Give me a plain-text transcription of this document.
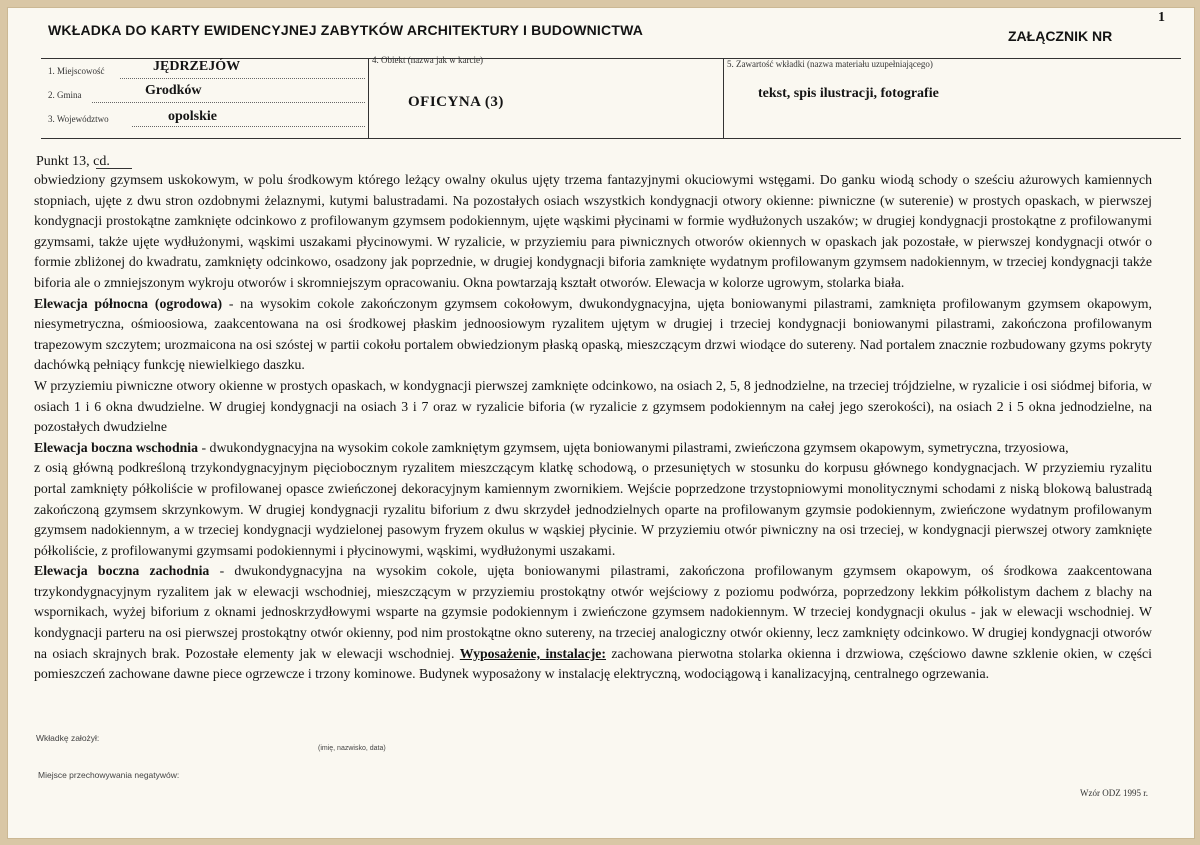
1
WKŁADKA DO KARTY EWIDENCYJNEJ ZABYTKÓW ARCHITEKTURY I BUDOWNICTWA	ZAŁĄCZNIK NR
1. Miejscowość	JĘDRZEJÓW
2. Gmina	Grodków
3. Województwo	opolskie
4. Obiekt (nazwa jak w karcie)
OFICYNA (3)
5. Zawartość wkładki (nazwa materiału uzupełniającego)
tekst, spis ilustracji, fotografie
Punkt 13, cd.

obwiedziony gzymsem uskokowym, w polu środkowym którego leżący owalny okulus ujęty trzema fantazyjnymi okuciowymi wstęgami. Do ganku wiodą schody o sześciu ażurowych kamiennych stopniach, ujęte z dwu stron ozdobnymi żelaznymi, kutymi balustradami. Na pozostałych osiach wszystkich kondygnacji otwory okienne: piwniczne (w suterenie) w prostych opaskach, w pierwszej kondygnacji prostokątne zamknięte odcinkowo z profilowanym gzymsem podokiennym, ujęte wąskimi płycinami w formie wydłużonych uszaków; w drugiej kondygnacji prostokątne z profilowanymi gzymsami, także ujęte wydłużonymi, wąskimi uszakami płycinowymi. W ryzalicie, w przyziemiu para piwnicznych otworów okiennych w opaskach jak pozostałe, w pierwszej kondygnacji otwór o formie zbliżonej do kwadratu, zamknięty odcinkowo, osadzony jak poprzednie, w drugiej kondygnacji biforia zamknięte wydatnym profilowanym gzymsem nadokiennym, w trzeciej kondygnacji także biforia ale o zmniejszonym wykroju otworów i skromniejszym opracowaniu. Okna powtarzają kształt otworów. Elewacja w kolorze ugrowym, stolarka biała.

Elewacja północna (ogrodowa) - na wysokim cokole zakończonym gzymsem cokołowym, dwukondygnacyjna, ujęta boniowanymi pilastrami, zamknięta profilowanym gzymsem okapowym, niesymetryczna, ośmioosiowa, zaakcentowana na osi środkowej płaskim jednoosiowym ryzalitem ujętym w drugiej i trzeciej kondygnacji boniowanymi pilastrami, zakończona profilowanym trapezowym szczytem; urozmaicona na osi szóstej w partii cokołu portalem obwiedzionym płaską opaską, mieszczącym drzwi wiodące do sutereny. Nad portalem znacznie rozbudowany gzyms pokryty dachówką pełniący funkcję niewielkiego daszku.

W przyziemiu piwniczne otwory okienne w prostych opaskach, w kondygnacji pierwszej zamknięte odcinkowo, na osiach 2, 5, 8 jednodzielne, na trzeciej trójdzielne, w ryzalicie i osi siódmej biforia, w osiach 1 i 6 okna dwudzielne. W drugiej kondygnacji na osiach 3 i 7 oraz w ryzalicie biforia (w ryzalicie z gzymsem podokiennym na całej jego szerokości), na osiach 2 i 5 okna jednodzielne, na pozostałych dwudzielne

Elewacja boczna wschodnia - dwukondygnacyjna na wysokim cokole zamkniętym gzymsem, ujęta boniowanymi pilastrami, zwieńczona gzymsem okapowym, symetryczna, trzyosiowa,

z osią główną podkreśloną trzykondygnacyjnym pięciobocznym ryzalitem mieszczącym klatkę schodową, o przesuniętych w stosunku do korpusu głównego kondygnacjach. W przyziemiu ryzalitu portal zamknięty półkoliście w profilowanej opasce zwieńczonej dekoracyjnym kamiennym zwornikiem. Wejście poprzedzone trzystopniowymi monolitycznymi schodami z niską blokową balustradą zakończoną gzymsem skrzynkowym. W drugiej kondygnacji ryzalitu biforium z dwu skrzydeł jednodzielnych oparte na profilowanym gzymsie podokiennym, zwieńczone wydatnym profilowanym gzymsem nadokiennym, a w trzeciej kondygnacji wydzielonej pasowym fryzem okulus w wąskiej płycinie. W przyziemiu otwór piwniczny na osi trzeciej, w kondygnacji pierwszej otwory zamknięte półkoliście, z profilowanymi gzymsami podokiennymi i płycinowymi, wąskimi, wydłużonymi uszakami.

Elewacja boczna zachodnia - dwukondygnacyjna na wysokim cokole, ujęta boniowanymi pilastrami, zakończona profilowanym gzymsem okapowym, oś środkowa zaakcentowana trzykondygnacyjnym ryzalitem jak w elewacji wschodniej, mieszczącym w przyziemiu prostokątny otwór wejściowy z poziomu podwórza, poprzedzony lekkim półkolistym dachem z blachy na wspornikach, wyżej biforium z oknami jednoskrzydłowymi wsparte na gzymsie podokiennym i zwieńczone gzymsem nadokiennym. W trzeciej kondygnacji okulus - jak w elewacji wschodniej. W kondygnacji parteru na osi pierwszej prostokątny otwór okienny, pod nim prostokątne okno sutereny, na trzeciej analogiczny otwór okienny, lecz zamknięty odcinkowo. W drugiej kondygnacji otworów na osiach skrajnych brak. Pozostałe elementy jak w elewacji wschodniej. Wyposażenie, instalacje: zachowana pierwotna stolarka okienna i drzwiowa, częściowo dawne szklenie okien, w części pomieszczeń zachowane dawne piece ogrzewcze i trzony kominowe. Budynek wyposażony w instalację elektryczną, wodociągową i kanalizacyjną, centralnego ogrzewania.

Wkładkę założył:
(imię, nazwisko, data)
Miejsce przechowywania negatywów:
Wzór ODZ 1995 r.
